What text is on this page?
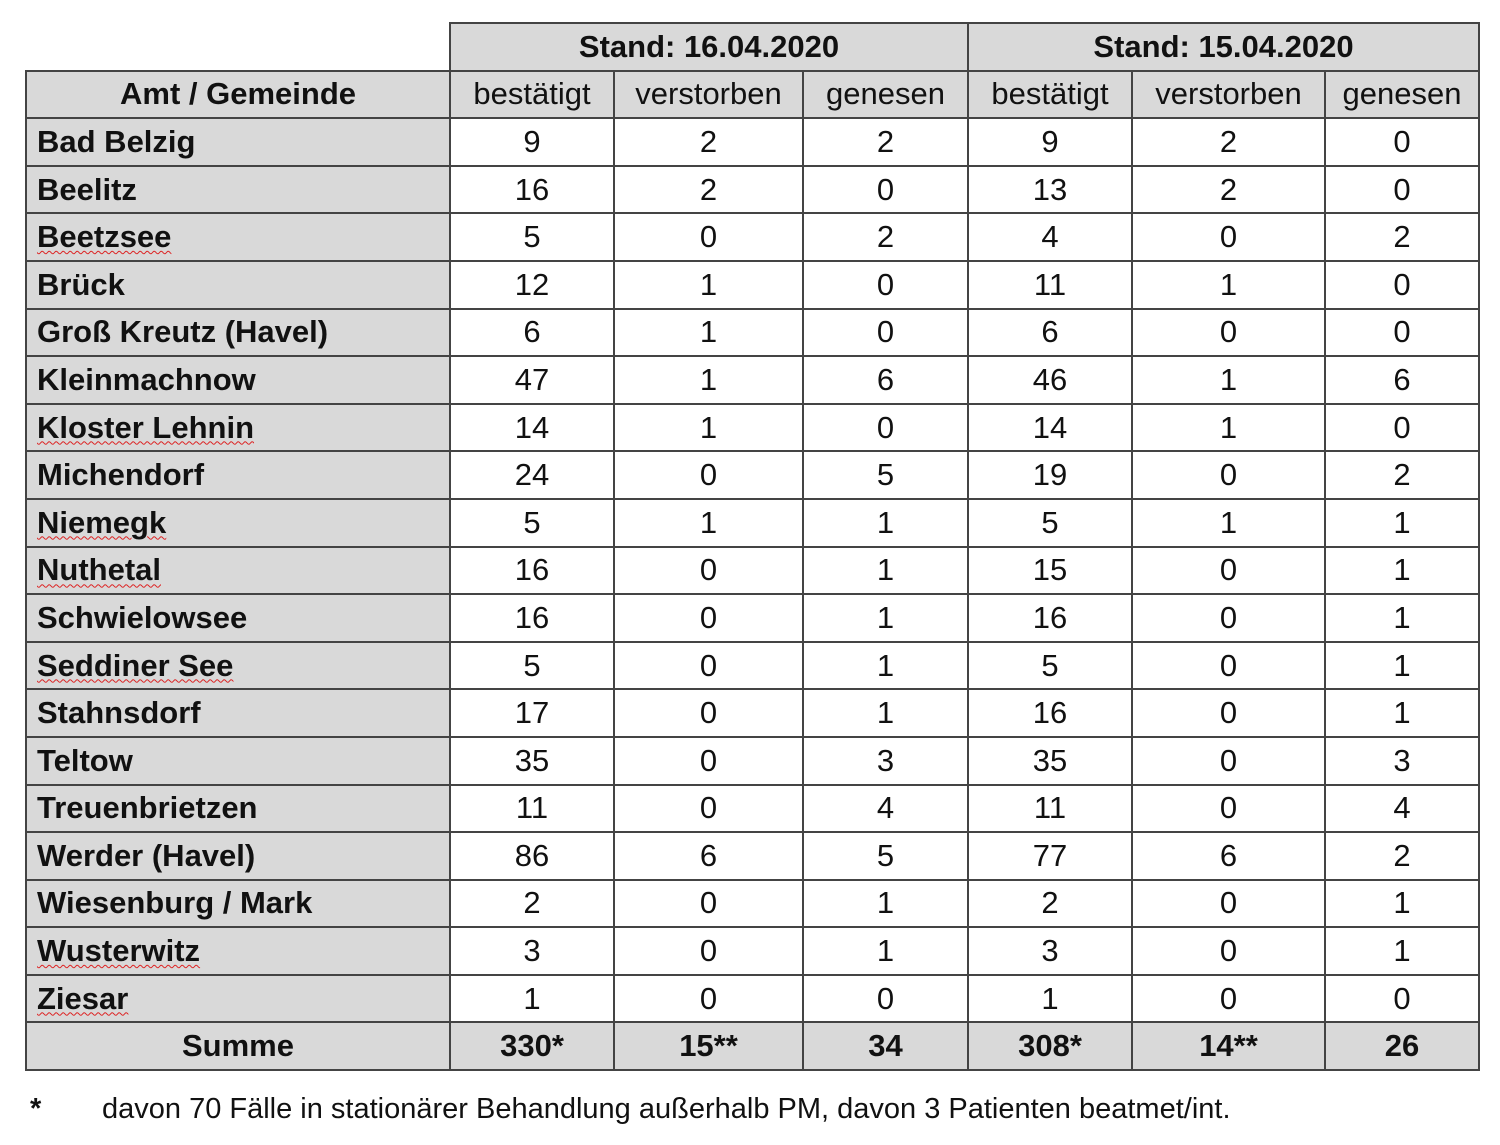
	Stand: 16.04.2020			Stand: 15.04.2020		
Amt / Gemeinde	bestätigt	verstorben	genesen	bestätigt	verstorben	genesen
Bad Belzig	9	2	2	9	2	0
Beelitz	16	2	0	13	2	0
Beetzsee	5	0	2	4	0	2
Brück	12	1	0	11	1	0
Groß Kreutz (Havel)	6	1	0	6	0	0
Kleinmachnow	47	1	6	46	1	6
Kloster Lehnin	14	1	0	14	1	0
Michendorf	24	0	5	19	0	2
Niemegk	5	1	1	5	1	1
Nuthetal	16	0	1	15	0	1
Schwielowsee	16	0	1	16	0	1
Seddiner See	5	0	1	5	0	1
Stahnsdorf	17	0	1	16	0	1
Teltow	35	0	3	35	0	3
Treuenbrietzen	11	0	4	11	0	4
Werder (Havel)	86	6	5	77	6	2
Wiesenburg / Mark	2	0	1	2	0	1
Wusterwitz	3	0	1	3	0	1
Ziesar	1	0	0	1	0	0
Summe	330*	15**	34	308*	14**	26
* davon 70 Fälle in stationärer Behandlung außerhalb PM, davon 3 Patienten beatmet/int.
